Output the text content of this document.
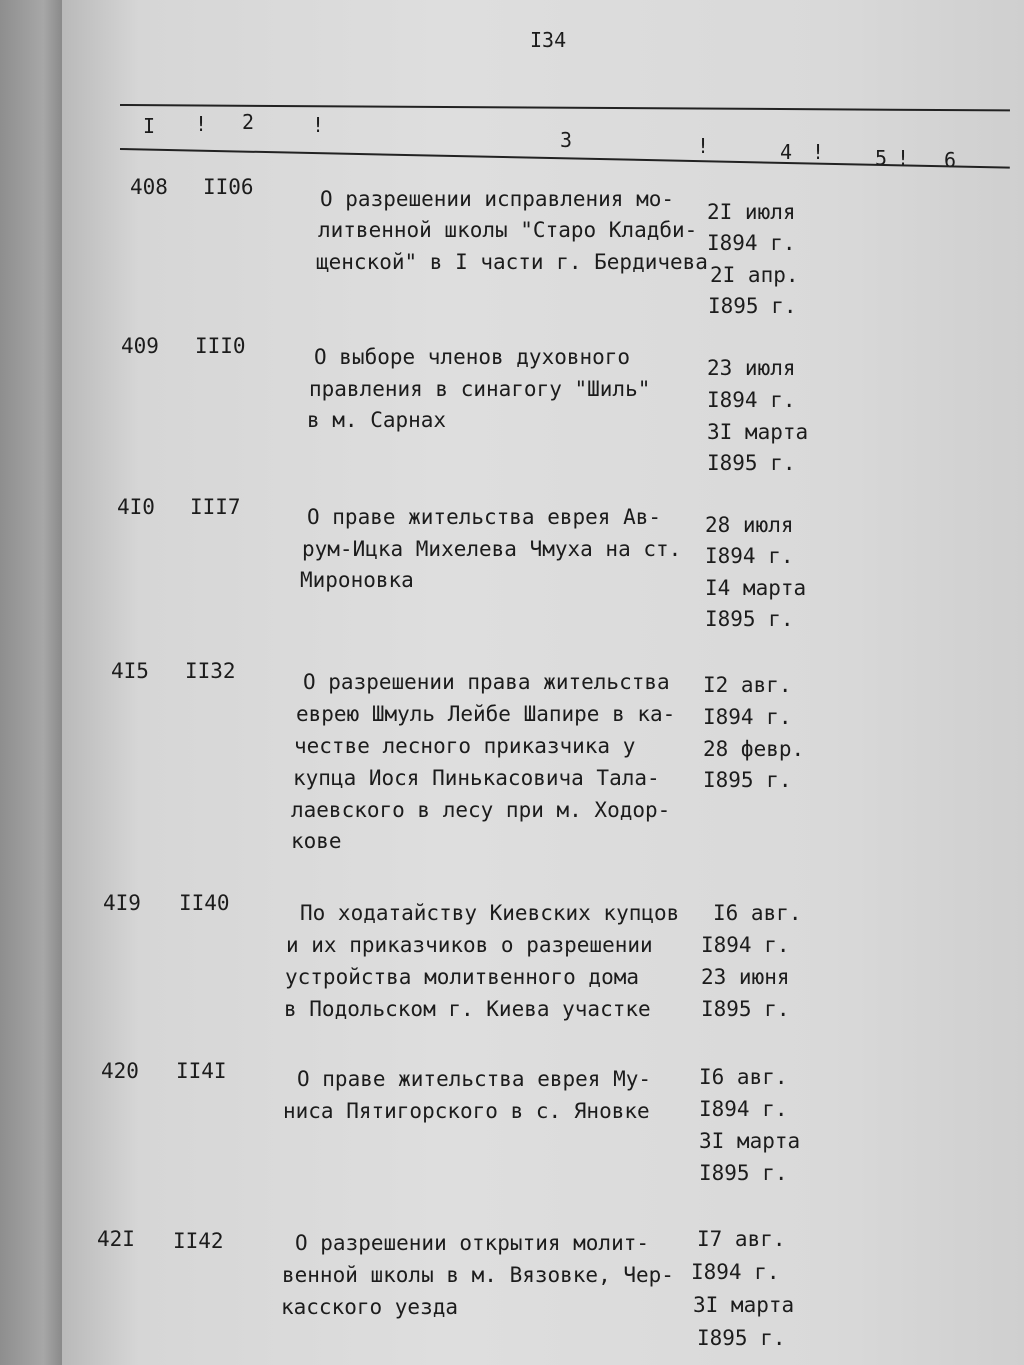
I34
I ! 2	!
3	!	4 !	5 ! 6
408 II06	О разрешении исправления мо-
литвенной школы "Старо Кладби-
щенской" в I части г. Бердичева
2I июля
I894 г.
2I апр.
I895 г.
409 III0	О выборе членов духовного
правления в синагогу "Шиль"
в м. Сарнах
23 июля
I894 г.
3I марта
I895 г.
4I0 III7	О праве жительства еврея Ав-
рум-Ицка Михелева Чмуха на ст.
Мироновка
28 июля
I894 г.
I4 марта
I895 г.
4I5 II32	О разрешении права жительства
еврею Шмуль Лейбе Шапире в ка-
честве лесного приказчика у
купца Иося Пинькасовича Тала-
лаевского в лесу при м. Ходор-
кове
I2 авг.
I894 г.
28 февр.
I895 г.
4I9 II40	По ходатайству Киевских купцов
и их приказчиков о разрешении
устройства молитвенного дома
в Подольском г. Киева участке
I6 авг.
I894 г.
23 июня
I895 г.
420 II4I	О праве жительства еврея Му-
ниса Пятигорского в с. Яновке
I6 авг.
I894 г.
3I марта
I895 г.
42I II42	О разрешении открытия молит-
венной школы в м. Вязовке, Чер-
касского уезда
I7 авг.
I894 г.
3I марта
I895 г.
